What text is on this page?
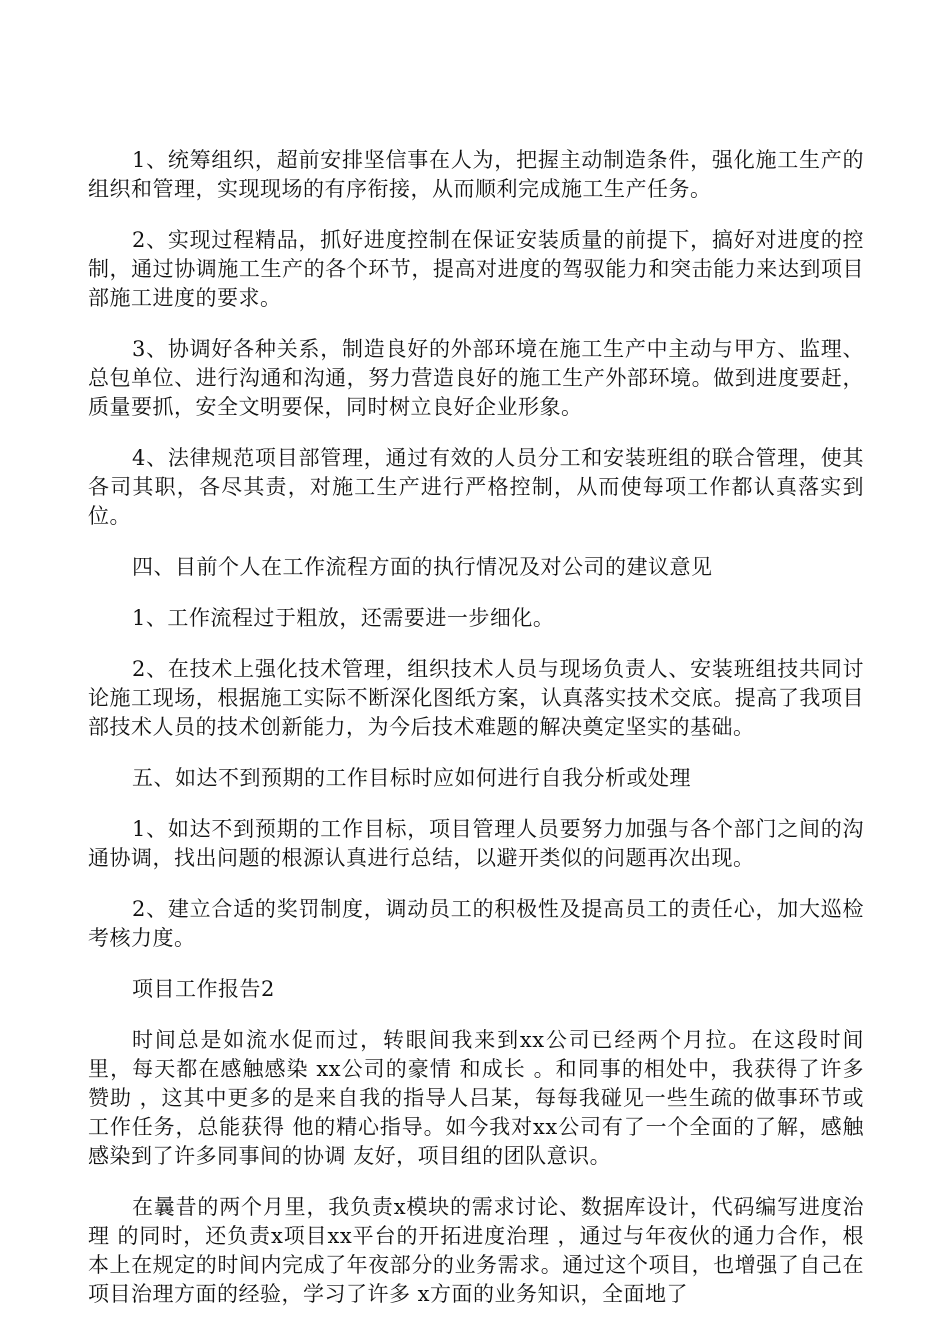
1、统筹组织，超前安排坚信事在人为，把握主动制造条件，强化施工生产的组织和管理，实现现场的有序衔接，从而顺利完成施工生产任务。

2、实现过程精品，抓好进度控制在保证安装质量的前提下，搞好对进度的控制，通过协调施工生产的各个环节，提高对进度的驾驭能力和突击能力来达到项目部施工进度的要求。

3、协调好各种关系，制造良好的外部环境在施工生产中主动与甲方、监理、总包单位、进行沟通和沟通，努力营造良好的施工生产外部环境。做到进度要赶，质量要抓，安全文明要保，同时树立良好企业形象。

4、法律规范项目部管理，通过有效的人员分工和安装班组的联合管理，使其各司其职，各尽其责，对施工生产进行严格控制，从而使每项工作都认真落实到位。

四、目前个人在工作流程方面的执行情况及对公司的建议意见

1、工作流程过于粗放，还需要进一步细化。

2、在技术上强化技术管理，组织技术人员与现场负责人、安装班组技共同讨论施工现场，根据施工实际不断深化图纸方案，认真落实技术交底。提高了我项目部技术人员的技术创新能力，为今后技术难题的解决奠定坚实的基础。

五、如达不到预期的工作目标时应如何进行自我分析或处理

1、如达不到预期的工作目标，项目管理人员要努力加强与各个部门之间的沟通协调，找出问题的根源认真进行总结，以避开类似的问题再次出现。

2、建立合适的奖罚制度，调动员工的积极性及提高员工的责任心，加大巡检考核力度。

项目工作报告2

时间总是如流水促而过，转眼间我来到xx公司已经两个月拉。在这段时间里，每天都在感触感染 xx公司的豪情 和成长 。和同事的相处中，我获得了许多赞助 ，这其中更多的是来自我的指导人吕某，每每我碰见一些生疏的做事环节或工作任务，总能获得 他的精心指导。如今我对xx公司有了一个全面的了解，感触感染到了许多同事间的协调 友好，项目组的团队意识。

在曩昔的两个月里，我负责x模块的需求讨论、数据库设计，代码编写进度治理 的同时，还负责x项目xx平台的开拓进度治理 ，通过与年夜伙的通力合作，根本上在规定的时间内完成了年夜部分的业务需求。通过这个项目，也增强了自己在项目治理方面的经验，学习了许多 x方面的业务知识，全面地了
